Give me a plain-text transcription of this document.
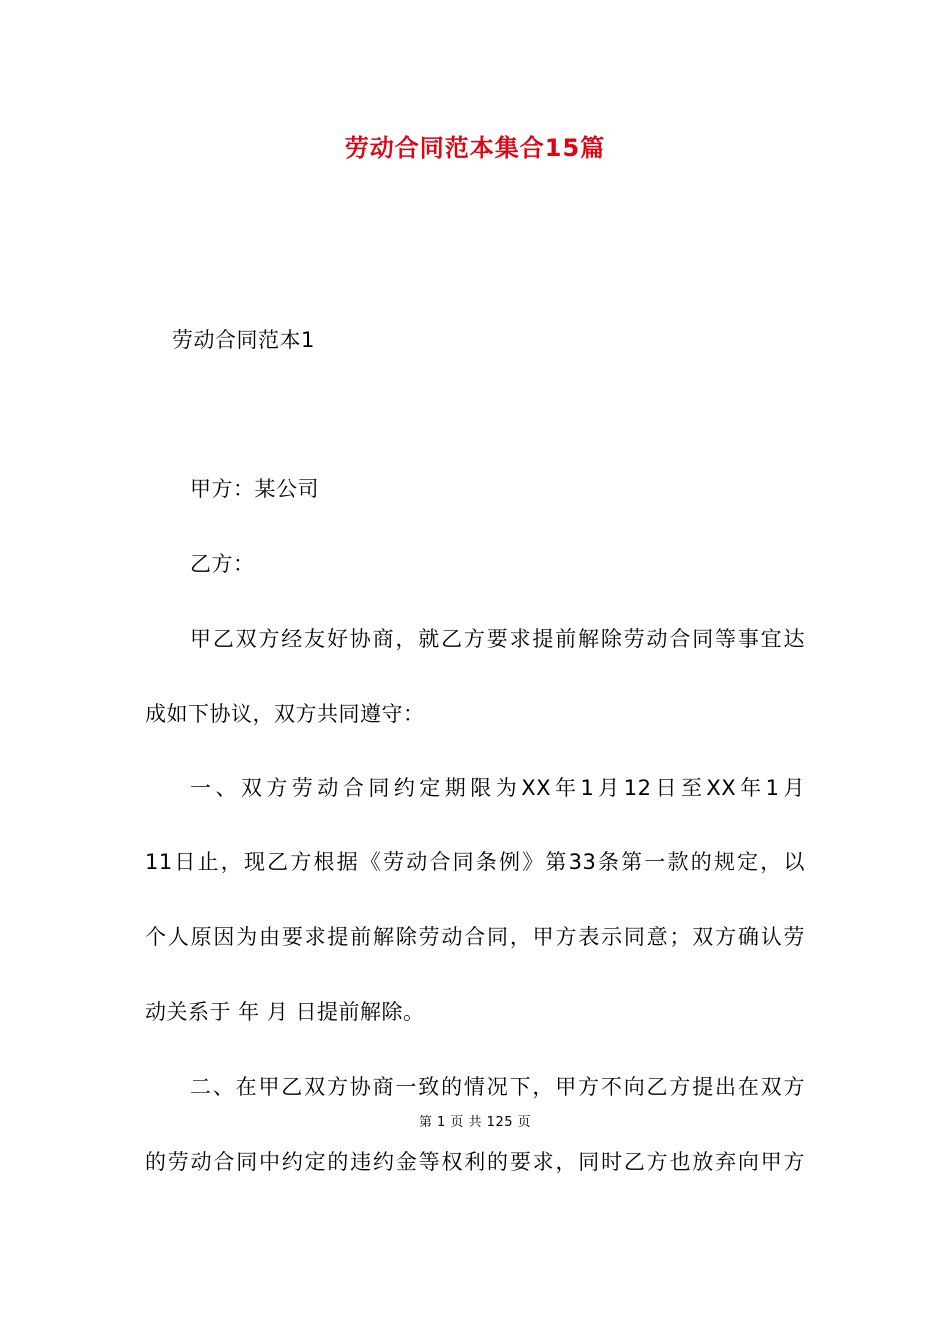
劳动合同范本集合15篇
劳动合同范本1
甲方：某公司
乙方：
甲乙双方经友好协商，就乙方要求提前解除劳动合同等事宜达
成如下协议，双方共同遵守：
一、双方劳动合同约定期限为XX年1月12日至XX年1月
11日止，现乙方根据《劳动合同条例》第33条第一款的规定，以
个人原因为由要求提前解除劳动合同，甲方表示同意；双方确认劳
动关系于 年 月 日提前解除。
二、在甲乙双方协商一致的情况下，甲方不向乙方提出在双方
第 1 页 共 125 页
的劳动合同中约定的违约金等权利的要求，同时乙方也放弃向甲方
